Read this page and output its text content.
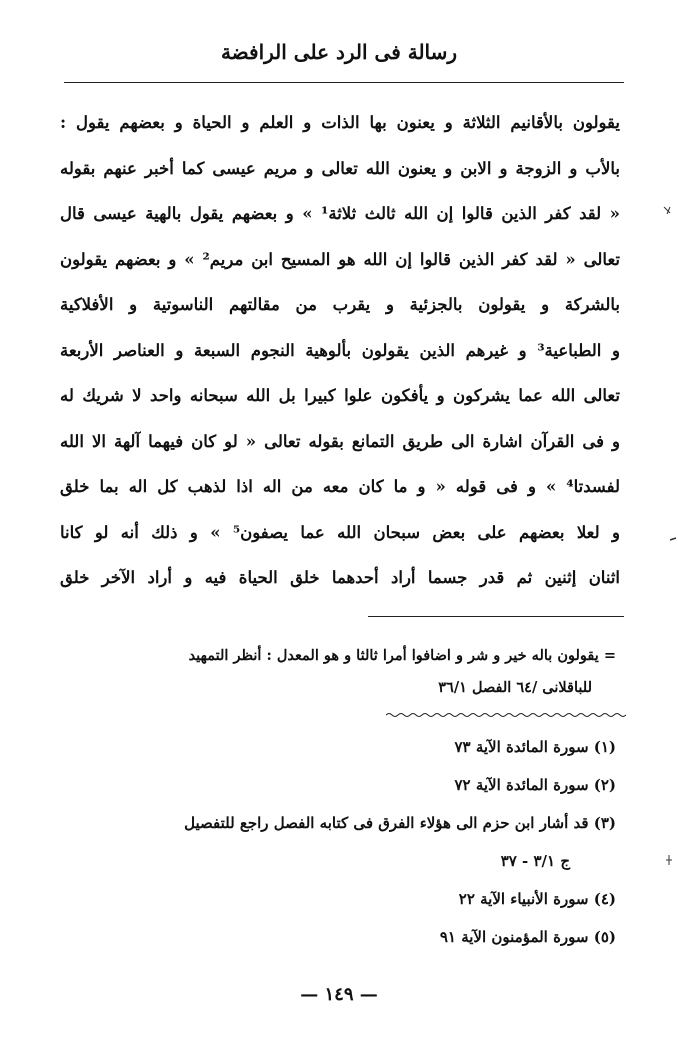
رسالة فى الرد على الرافضة
يقولون بالأقانيم الثلاثة و يعنون بها الذات و العلم و الحياة و بعضهم يقول :
بالأب و الزوجة و الابن و يعنون الله تعالى و مريم عيسى كما أخبر عنهم بقوله
« لقد كفر الذين قالوا إن الله ثالث ثلاثة¹ » و بعضهم يقول بالهية عيسى قال
تعالى « لقد كفر الذين قالوا إن الله هو المسيح ابن مريم² » و بعضهم يقولون
بالشركة و يقولون بالجزئية و يقرب من مقالتهم الناسوتية و الأفلاكية
و الطباعية³ و غيرهم الذين يقولون بألوهية النجوم السبعة و العناصر الأربعة
تعالى الله عما يشركون و يأفكون علوا كبيرا بل الله سبحانه واحد لا شريك له
و فى القرآن اشارة الى طريق التمانع بقوله تعالى « لو كان فيهما آلهة الا الله
لفسدتا⁴ » و فى قوله « و ما كان معه من اله اذا لذهب كل اله بما خلق
و لعلا بعضهم على بعض سبحان الله عما يصفون⁵ » و ذلك أنه لو كانا
اثنان إثنين ثم قدر جسما أراد أحدهما خلق الحياة فيه و أراد الآخر خلق
= يقولون باله خير و شر و اضافوا أمرا ثالثا و هو المعدل : أنظر التمهيد
للباقلانى /٦٤ الفصل ٣٦/١
(١) سورة المائدة الآية ٧٣
(٢) سورة المائدة الآية ٧٢
(٣) قد أشار ابن حزم الى هؤلاء الفرق فى كتابه الفصل راجع للتفصيل
ج ٣/١ - ٣٧
(٤) سورة الأنبياء الآية ٢٢
(٥) سورة المؤمنون الآية ٩١
— ١٤٩ —
